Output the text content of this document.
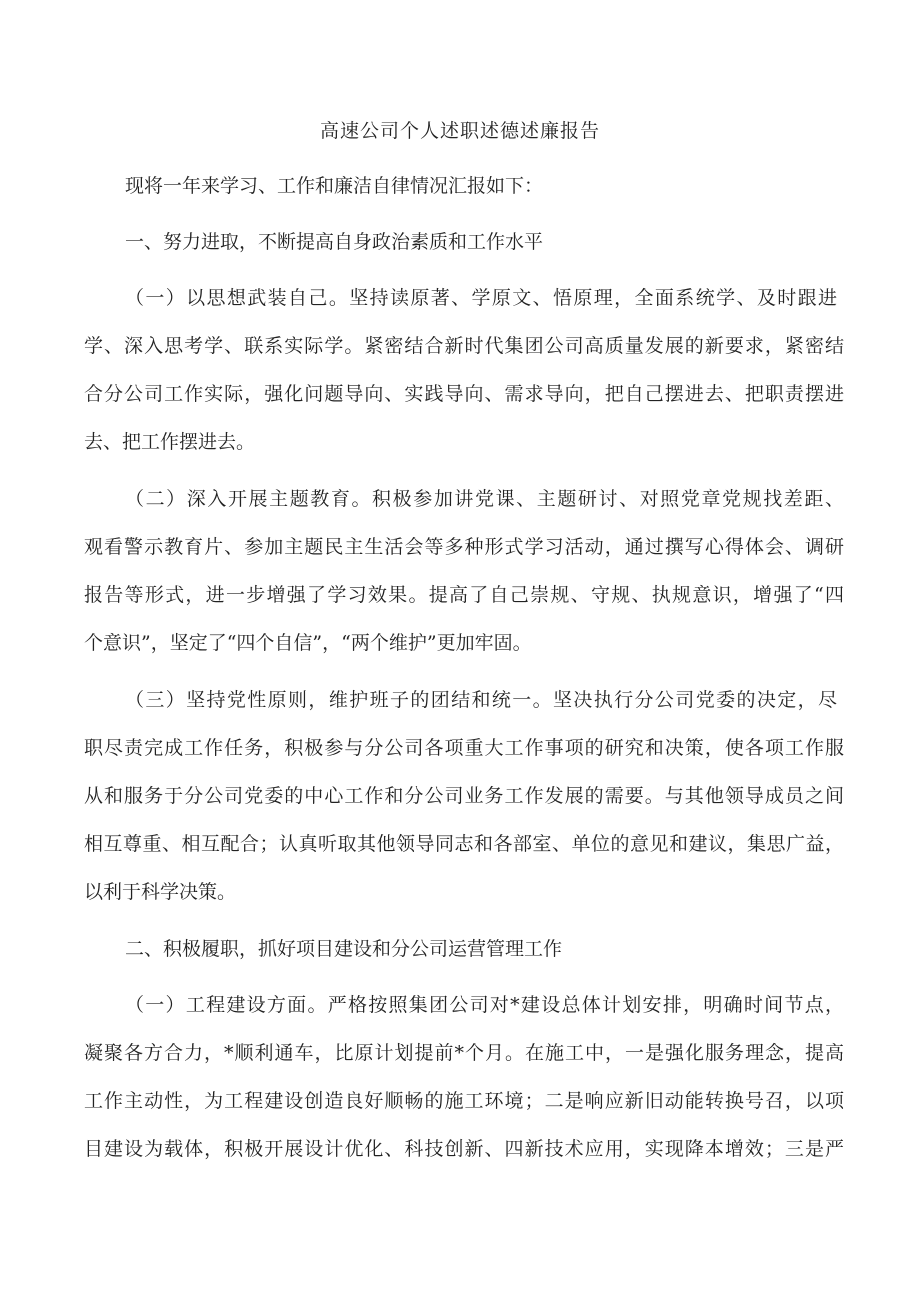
高速公司个人述职述德述廉报告
现将一年来学习、工作和廉洁自律情况汇报如下：
一、努力进取，不断提高自身政治素质和工作水平
（一）以思想武装自己。坚持读原著、学原文、悟原理，全面系统学、及时跟进
学、深入思考学、联系实际学。紧密结合新时代集团公司高质量发展的新要求，紧密结
合分公司工作实际，强化问题导向、实践导向、需求导向，把自己摆进去、把职责摆进
去、把工作摆进去。
（二）深入开展主题教育。积极参加讲党课、主题研讨、对照党章党规找差距、
观看警示教育片、参加主题民主生活会等多种形式学习活动，通过撰写心得体会、调研
报告等形式，进一步增强了学习效果。提高了自己崇规、守规、执规意识，增强了“四
个意识”，坚定了“四个自信”，“两个维护”更加牢固。
（三）坚持党性原则，维护班子的团结和统一。坚决执行分公司党委的决定，尽
职尽责完成工作任务，积极参与分公司各项重大工作事项的研究和决策，使各项工作服
从和服务于分公司党委的中心工作和分公司业务工作发展的需要。与其他领导成员之间
相互尊重、相互配合；认真听取其他领导同志和各部室、单位的意见和建议，集思广益，
以利于科学决策。
二、积极履职，抓好项目建设和分公司运营管理工作
（一）工程建设方面。严格按照集团公司对*建设总体计划安排，明确时间节点，
凝聚各方合力，*顺利通车，比原计划提前*个月。在施工中，一是强化服务理念，提高
工作主动性，为工程建设创造良好顺畅的施工环境；二是响应新旧动能转换号召，以项
目建设为载体，积极开展设计优化、科技创新、四新技术应用，实现降本增效；三是严
